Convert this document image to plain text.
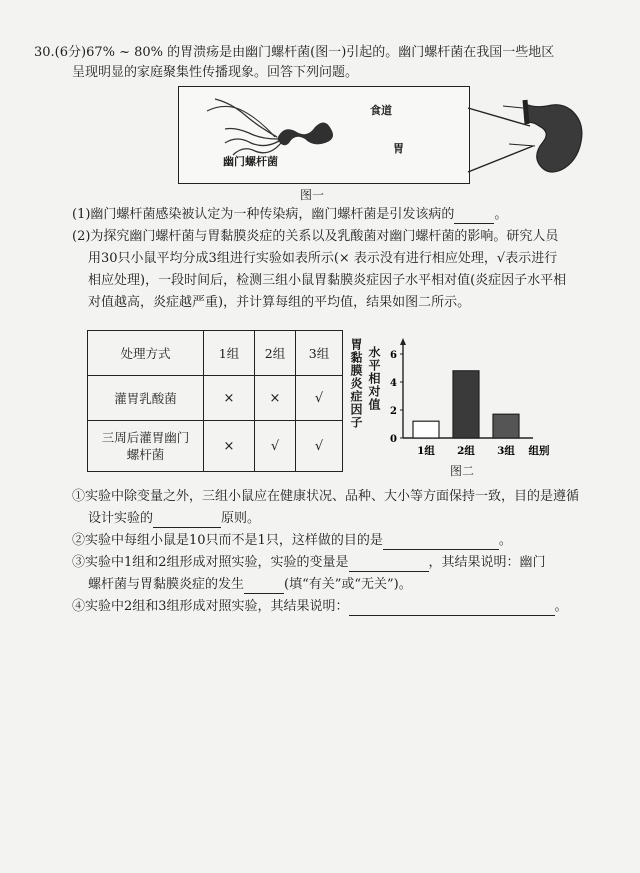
30.(6分)67% ~ 80% 的胃溃疡是由幽门螺杆菌(图一)引起的。幽门螺杆菌在我国一些地区
呈现明显的家庭聚集性传播现象。回答下列问题。
幽门螺杆菌
食道
胃
图一
(1)幽门螺杆菌感染被认定为一种传染病，幽门螺杆菌是引发该病的	。
(2)为探究幽门螺杆菌与胃黏膜炎症的关系以及乳酸菌对幽门螺杆菌的影响。研究人员
用30只小鼠平均分成3组进行实验如表所示(× 表示没有进行相应处理，√表示进行
相应处理)，一段时间后，检测三组小鼠胃黏膜炎症因子水平相对值(炎症因子水平相
对值越高，炎症越严重)，并计算每组的平均值，结果如图二所示。
处理方式	1组	2组	3组
灌胃乳酸菌	×	×	√
三周后灌胃幽门
螺杆菌	×	√	√
胃黏膜炎症因子 水平相对值
0
2
4
6
1组 2组 3组 组别
图二
①实验中除变量之外，三组小鼠应在健康状况、品种、大小等方面保持一致，目的是遵循
设计实验的	原则。
②实验中每组小鼠是10只而不是1只，这样做的目的是	。
③实验中1组和2组形成对照实验，实验的变量是	，其结果说明：幽门
螺杆菌与胃黏膜炎症的发生	(填“有关”或“无关”)。
④实验中2组和3组形成对照实验，其结果说明：	。
